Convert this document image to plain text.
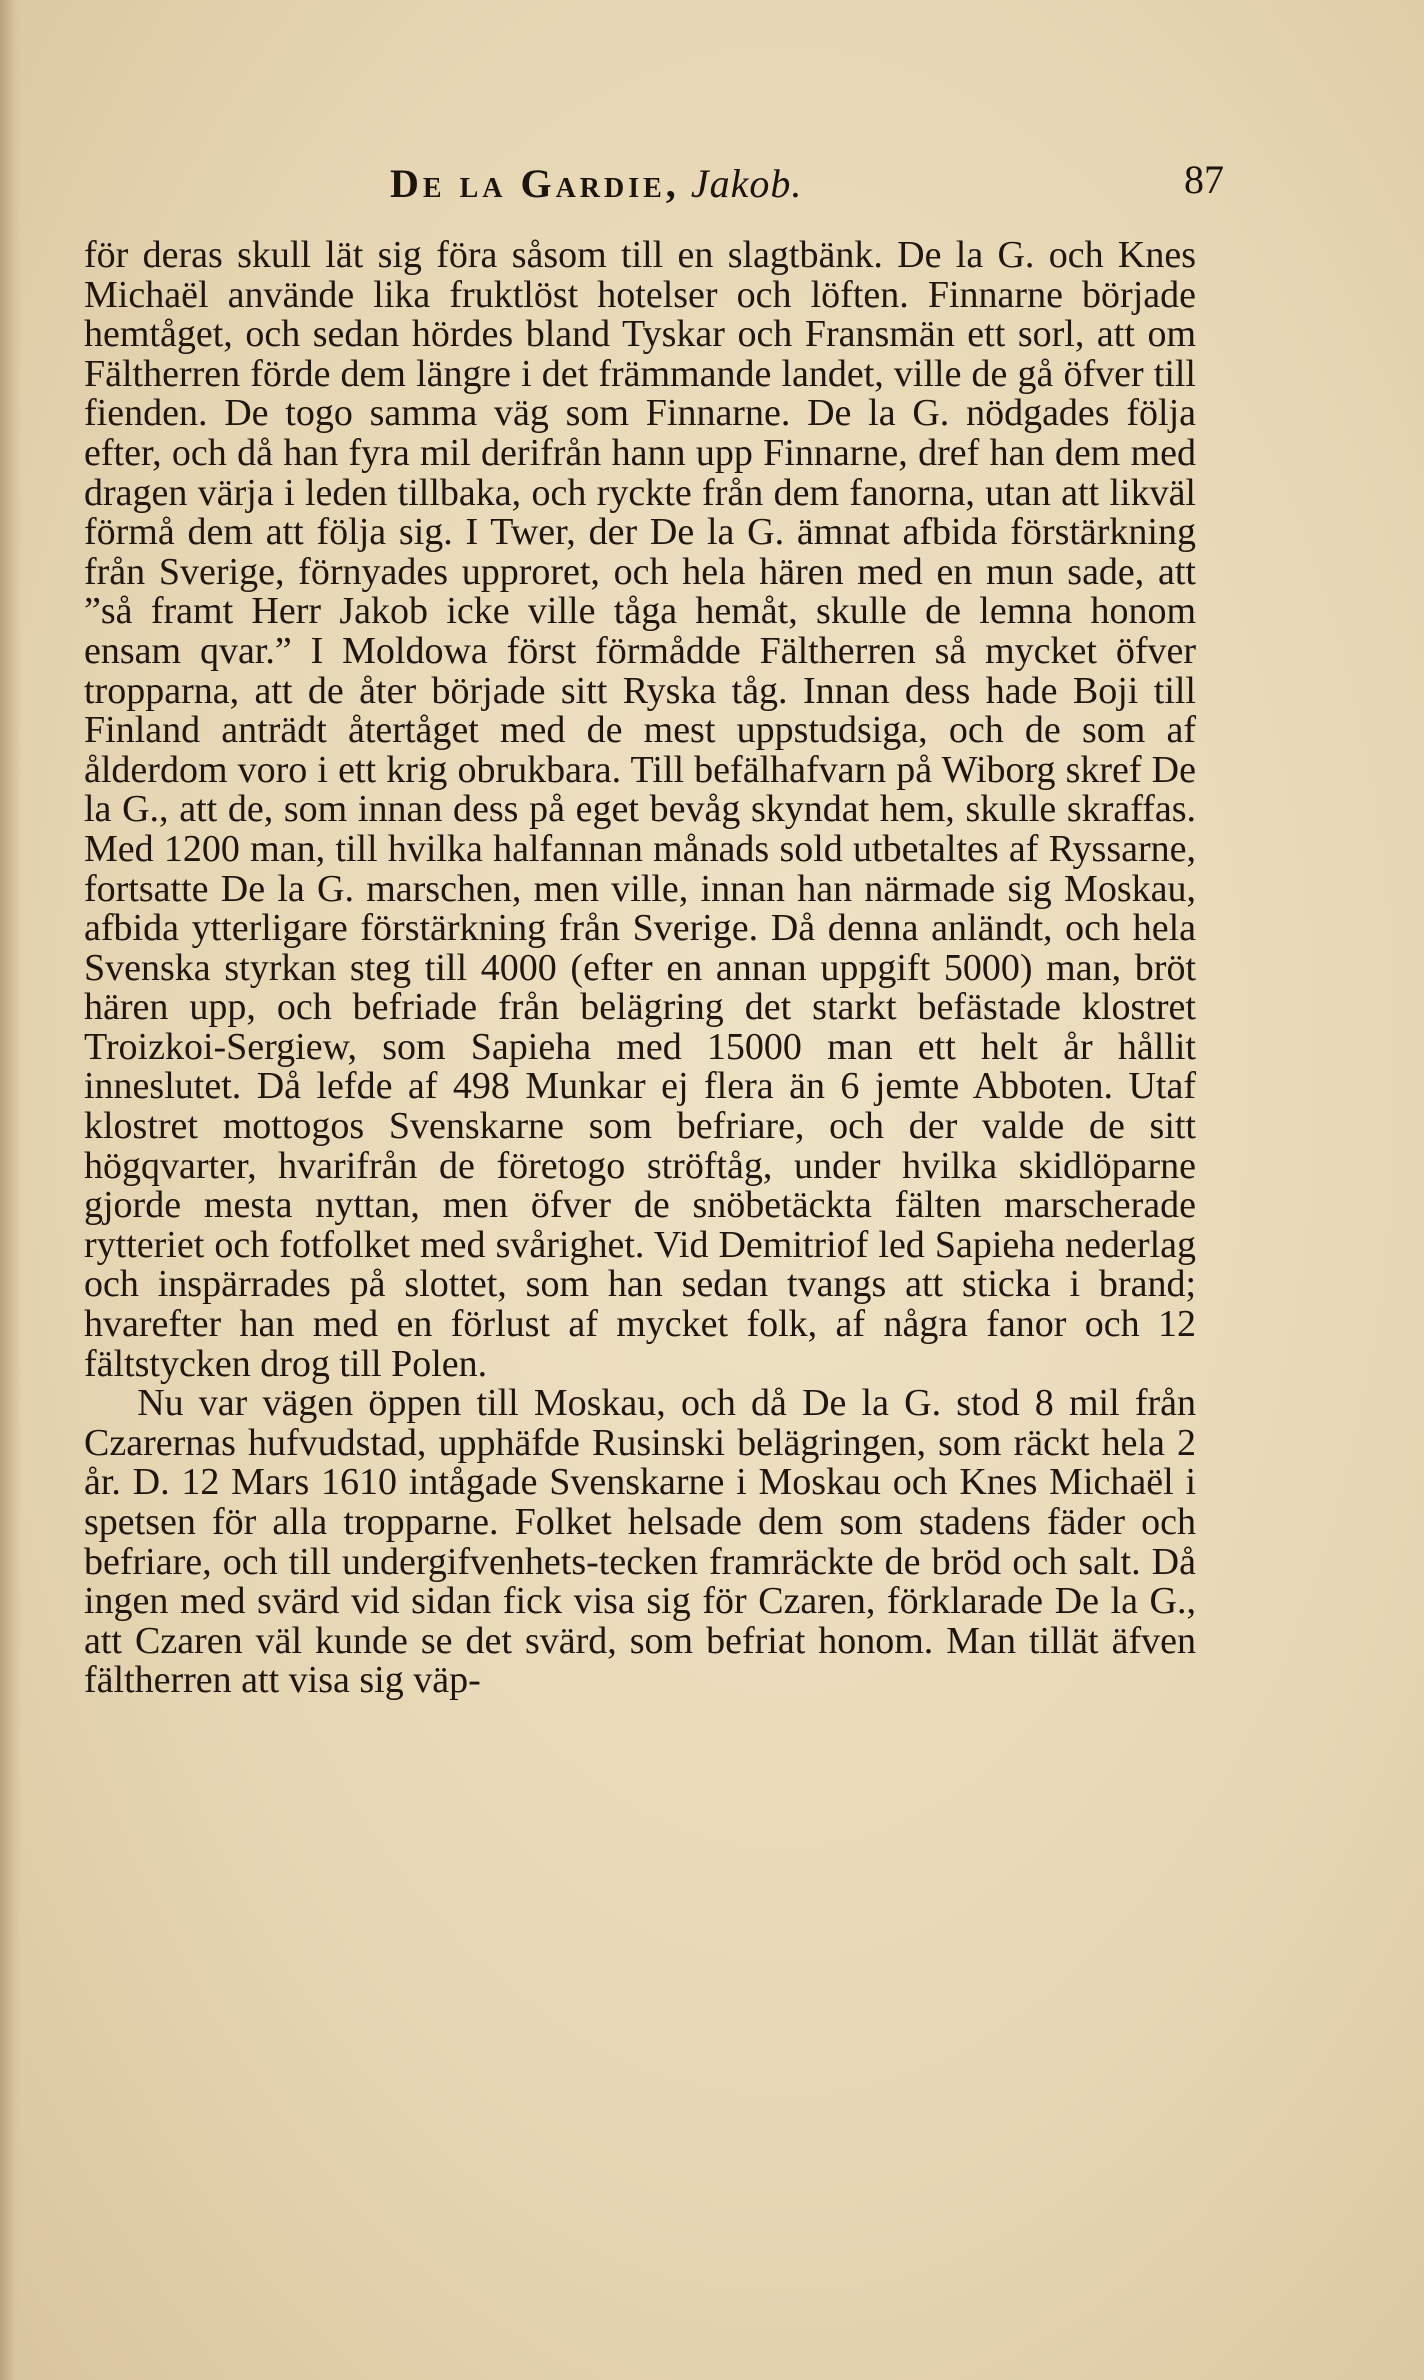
De la Gardie, Jakob.	87

för deras skull lät sig föra såsom till en slagtbänk. De la G. och Knes Michaël använde lika fruktlöst hotelser och löften. Finnarne började hemtåget, och sedan hördes bland Tyskar och Fransmän ett sorl, att om Fältherren förde dem längre i det främmande landet, ville de gå öfver till fienden. De togo samma väg som Finnarne. De la G. nödgades följa efter, och då han fyra mil derifrån hann upp Finnarne, dref han dem med dragen värja i leden tillbaka, och ryckte från dem fanorna, utan att likväl förmå dem att följa sig. I Twer, der De la G. ämnat afbida förstärkning från Sverige, förnyades upproret, och hela hären med en mun sade, att ”så framt Herr Jakob icke ville tåga hemåt, skulle de lemna honom ensam qvar.” I Moldowa först förmådde Fältherren så mycket öfver tropparna, att de åter började sitt Ryska tåg. Innan dess hade Boji till Finland anträdt återtåget med de mest uppstudsiga, och de som af ålderdom voro i ett krig obrukbara. Till befälhafvarn på Wiborg skref De la G., att de, som innan dess på eget bevåg skyndat hem, skulle skraffas. Med 1200 man, till hvilka halfannan månads sold utbetaltes af Ryssarne, fortsatte De la G. marschen, men ville, innan han närmade sig Moskau, afbida ytterligare förstärkning från Sverige. Då denna anländt, och hela Svenska styrkan steg till 4000 (efter en annan uppgift 5000) man, bröt hären upp, och befriade från belägring det starkt befästade klostret Troizkoi-Sergiew, som Sapieha med 15000 man ett helt år hållit inneslutet. Då lefde af 498 Munkar ej flera än 6 jemte Abboten. Utaf klostret mottogos Svenskarne som befriare, och der valde de sitt högqvarter, hvarifrån de företogo ströftåg, under hvilka skidlöparne gjorde mesta nyttan, men öfver de snöbetäckta fälten marscherade rytteriet och fotfolket med svårighet. Vid Demitriof led Sapieha nederlag och inspärrades på slottet, som han sedan tvangs att sticka i brand; hvarefter han med en förlust af mycket folk, af några fanor och 12 fältstycken drog till Polen.

Nu var vägen öppen till Moskau, och då De la G. stod 8 mil från Czarernas hufvudstad, upphäfde Rusinski belägringen, som räckt hela 2 år. D. 12 Mars 1610 intågade Svenskarne i Moskau och Knes Michaël i spetsen för alla tropparne. Folket helsade dem som stadens fäder och befriare, och till undergifvenhets-tecken framräckte de bröd och salt. Då ingen med svärd vid sidan fick visa sig för Czaren, förklarade De la G., att Czaren väl kunde se det svärd, som befriat honom. Man tillät äfven fältherren att visa sig väp-
